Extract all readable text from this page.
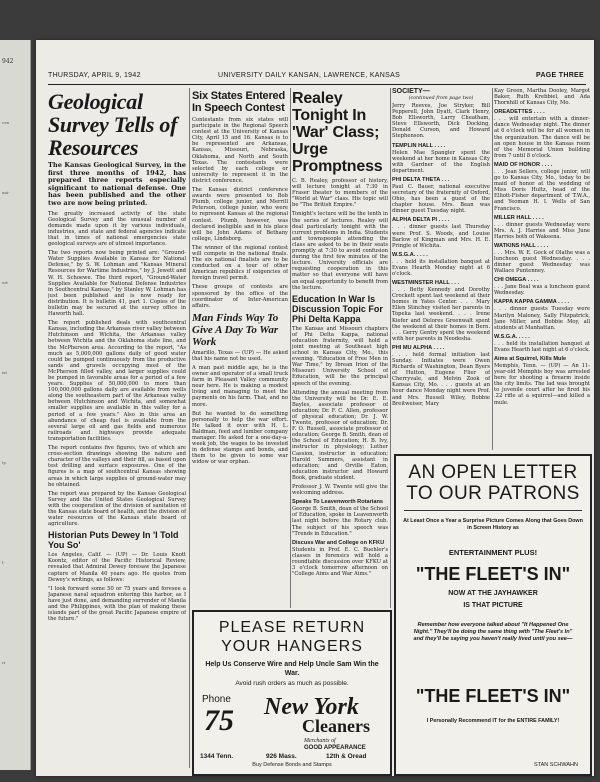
942
cen
ani-
ert
ist
ty.
l-
ri
THURSDAY, APRIL 9, 1942	UNIVERSITY DAILY KANSAN, LAWRENCE, KANSAS	PAGE THREE
Geological Survey Tells of Resources

The Kansas Geological Survey, in the first three months of 1942, has prepared three reports especially significant to national defense. One has been published and the other two are now being printed.

The greatly increased activity of the state Geological Survey and the unusual number of demands made upon it by various individuals, industries, and state and federal agencies indicate that in times of national emergencies state geological surveys are of utmost importance.

The two reports now being printed are: "Ground-Water Supplies Available in Kansas for National Defense," by S. W. Lohman and "Kansas Mineral Resources for Wartime Industries," by J. Jewett and W. H. Schoewe. The third report, "Ground-Water Supplies Available for National Defense Industries in Southcentral Kansas," by Stanley W. Lohman has just been published and is now ready for distribution. It is bulletin 41, part 1. Copies of the bulletin may be secured at the survey office in Haworth hall.

The report published deals with southcentral Kansas, including the Arkansas river valley between Hutchinson and Wichita, the Arkansas valley between Wichita and the Oklahoma state line, and the McPherson area. According to the report, "As much as 5,000,000 gallons daily of good water could be pumped continuously from the productive sands and gravels occupying most of the McPherson filled valley, and larger supplies could be pumped in favorable areas for a period of a few years. Supplies of 50,000,000 to more than 100,000,000 gallons daily are available from wells along the southeastern part of the Arkansas valley between Hutchinson and Wichita, and somewhat smaller supplies are available in this valley for a period of a few years." Also in this area an abundance of cheap fuel is available from the several large oil and gas fields and numerous railroads and highways provide adequate transportation facilities.

The report contains five figures, two of which are cross-section drawings showing the nature and character of the valleys and their fill, as based upon test drilling and surface exposures. One of the figures is a map of southcentral Kansas showing areas in which large supplies of ground-water may be obtained.

The report was prepared by the Kansas Geological Survey and the United States Geological Survey with the cooperation of the division of sanitation of the Kansas state board of health, and the division of water resources of the Kansas state board of agriculture.

Historian Puts Dewey In 'I Told You So'

Los Angeles, Calif. — (UP) — Dr. Louis Knott Koontz, editor of the Pacific Historical Review, revealed that Admiral Dewey foresaw the Japanese capture of Manila 40 years ago. He quotes from Dewey's writings, as follows:

"I look forward some 50 or 75 years and foresee a Japanese naval squadron entering this harbor, as I have just done, and demanding surrender of Manila and the Philippines, with the plan of making these islands part of the great Pacific Japanese empire of the future."

Six States Entered In Speech Contest

Contestants from six states will participate in the Regional Speech contest at the University of Kansas City, April 15 and 16. Kansas is to be represented are Arkansas, Kansas, Missouri, Nebraska, Oklahoma, and North and South Texas. The contestants were selected by each college or university to represent it in the district conference.

The Kansas district conference awards were presented to Bob Plumb, college junior, and Merrill Peterson, college junior, who were to represent Kansas at the regional contest. Plumb, however, was declared ineligible and in his place will be John Adams of Bethany college, Lindsborg.

The winner of the regional contest will compete in the national finals. The six national finalists are to be conducted on a tour of other American republics if exigencies of foreign travel permit.

These groups of contests are sponsored by the office of the coordinator of Inter-American affairs.

Man Finds Way To Give A Day To War Work

Amarillo, Texas — (UP) — He asked that his name not be used.

A man past middle age, he is the owner and operator of a small truck farm in Pleasant Valley community near here. He is making a modest living and managing to meet the payments on his farm. That, and no more.

But he wanted to do something personally to help the war effort. He talked it over with H. L. Baldman, feed and lumber company manager. He asked for a one-day-a-week job, the wages to be invested in defense stamps and bonds, and them to be given to some war widow or war orphan.

Realey Tonight In 'War' Class; Urge Promptness

C. B. Realey, professor of history, will lecture tonight at 7:30 in Fraser theater to members of the "World at War" class. His topic will be "The British Empire."

Tonight's lecture will be the tenth in the series of lectures. Realey will deal particularly tonight with the current problems in India. Students and townspeople attending the class are asked to be in their seats promptly at 7:30 to avoid confusion during the first few minutes of the lecture. University officials are requesting cooperation in this matter so that everyone will have an equal opportunity to benefit from the lecture.

Education In War Is Discussion Topic For Phi Delta Kappa

The Kansas and Missouri chapters of Phi Delta Kappa, national education fraternity, will hold a joint meeting at Southeast high school in Kansas City, Mo., this evening. "Education of Free Men in War Time," by Ibrean Irion of the Missouri University School of Education, will be the principal speech of the evening.

Attending the annual meeting from the University will be Dr. E. E. Bayles, associate professor of education; Dr. F. C. Allen, professor of physical education; Dr. J. W. Twente, professor of education; Dr. F. O. Russell, associate professor of education; George B. Smith, dean of the School of Education; H. B. Ivy, instructor in physiology; Luther Cassion, instructor in education; Harold Summers, assistant in education; and Orville Eaton, education instructor and Howard Book, graduate student.

Professor J. W. Twente will give the welcoming address.

Speaks To Leavenworth Rotarians

George B. Smith, dean of the School of Education, spoke in Leavenworth last night before the Rotary club. The subject of his speech was "Trends in Education."

Discuss War and College on KFKU

Students in Prof. E. C. Buehler's classes in forensics will hold a roundtable discussion over KFKU at 3 o'clock tomorrow afternoon on "College Aims and War Aims."

SOCIETY—
(continued from page two)

Jerry Reeves, Joe Stryker, Bill Pepperell, John Dyatt, Clark Henry, Bob Ellsworth, Larry Cheatham, Steve Ellsworth, Dick Docking, Donald Curson, and Howard Stephenson.

TEMPLIN HALL . . . .

Helen Mae Spangler spent the weekend at her home in Kansas City with Gardner of the English department.

PHI DELTA THETA . . .

Paul C. Bauer, national executive secretary of the fraternity of Oxford, Ohio, has been a guest of the chapter house. Mrs. Bean was dinner guest Tuesday night.

ALPHA DELTA PI . . . .

. . . dinner guests last Thursday were Prof. S. Woods, and Louise Barlow of Kingman and Mrs. H. E. Pringle of Wichita.

W.S.G.A. . . . .

. . . held its installation banquet at Evans Hearth Monday night at 6 o'clock.

WESTMINSTER HALL . . .

. . . Betty Kennedy and Dorothy Crockett spent last weekend at their homes in Yates Center. . . . Mary Ellen Stinchey visited her parents in Topeka last weekend. . . . Irene Kiefer and Delores Greenwalt spent the weekend at their homes in Bern. . . . Gerry Gentry spent the weekend with her parents in Neodesha.

PHI MU ALPHA . . . .

. . . held formal initiation last Sunday. Initiates were Owen Richards of Washington, Dean Byers of Hutton, Eugene Flier of Cherryvale, and Melvin Zook of Kansas City, Mo. . . . guests at an hour dance Monday night were Prof. and Mrs. Russell Wiley, Bobbie Breitweiser, Mary

Kay Green, Martha Dooley, Margot Baker, Ruth Krebbiel, and Ada Thornhill of Kansas City, Mo.

OREADETTES . . . .

. . . will entertain with a dinner-dance Wednesday night. The dinner at 6 o'clock will be for all women in the organization. The dance will be an open house in the Kansas room of the Memorial Union building from 7 until 8 o'clock.

MAID OF HONOR . . . .

. . . Jean Sellers, college junior, will go to Kansas City, Mo., today to be maid of honor at the wedding of Miss Doris Hultz, head of the Elliott-Fisher department of T.W.A., and Yeoman H. I. Wells of San Francisco.

MILLER HALL . . . .

. . . dinner guests Wednesday were Mrs. A. J. Harries and Miss June Harries both of Wakeena.

WATKINS HALL . . . .

. . . Mrs. W. E. Gock of Olathe was a luncheon guest Wednesday. . . . dinner guest Wednesday was Wallace Puntenney.

CHI OMEGA . . . .

. . . Jane Beal was a luncheon guest Wednesday.

KAPPA KAPPA GAMMA . . . .

. . . dinner guests Tuesday were Marilyn Maloney, Sally Fitzpatrick, Jane Miller, and Bobbie Moy, all students at Manhattan.

W.S.G.A. . . . .

. . . held its installation banquet at Evans Hearth last night at 6 o'clock.

Aims at Squirrel, Kills Mule

Memphis, Tenn. — (UP) — An 11-year-old Memphis boy was arrested here for shooting a firearm inside the city limits. The lad was brought to juvenile court after he fired his .22 rifle at a squirrel—and killed a mule.

PLEASE RETURN
YOUR HANGERS
Help Us Conserve Wire and Help Uncle Sam Win the War.
Avoid rush orders as much as possible.
Phone
75 New York
Cleaners
Merchants of
GOOD APPEARANCE
1344 Tenn.	926 Mass.	12th & Oread
Buy Defense Bonds and Stamps
AN OPEN LETTER
TO OUR PATRONS
At Least Once a Year a Surprise Picture Comes Along that Goes Down in Screen History as
ENTERTAINMENT PLUS!
"THE FLEET'S IN"
NOW AT THE JAYHAWKER
IS THAT PICTURE
Remember how everyone talked about "It Happened One Night." They'll be doing the same thing with "The Fleet's In" and they'll be saying you haven't really lived until you see—
"THE FLEET'S IN"
I Personally Recommend IT for the ENTIRE FAMILY!
STAN SCHWAHN
